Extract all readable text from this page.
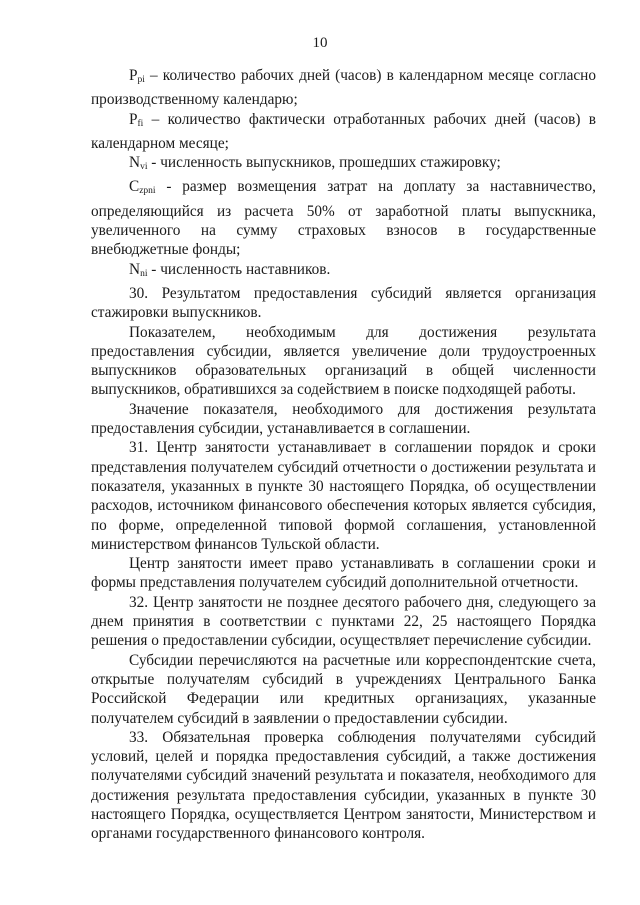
10

$P_{pi}$ – количество рабочих дней (часов) в календарном месяце согласно производственному календарю;

$P_{fi}$ – количество фактически отработанных рабочих дней (часов) в календарном месяце;

$N_{vi}$ - численность выпускников, прошедших стажировку;

$C_{zpni}$ - размер возмещения затрат на доплату за наставничество, определяющийся из расчета 50% от заработной платы выпускника, увеличенного на сумму страховых взносов в государственные внебюджетные фонды;

$N_{ni}$ - численность наставников.

30. Результатом предоставления субсидий является организация стажировки выпускников.

Показателем, необходимым для достижения результата предоставления субсидии, является увеличение доли трудоустроенных выпускников образовательных организаций в общей численности выпускников, обратившихся за содействием в поиске подходящей работы.

Значение показателя, необходимого для достижения результата предоставления субсидии, устанавливается в соглашении.

31. Центр занятости устанавливает в соглашении порядок и сроки представления получателем субсидий отчетности о достижении результата и показателя, указанных в пункте 30 настоящего Порядка, об осуществлении расходов, источником финансового обеспечения которых является субсидия, по форме, определенной типовой формой соглашения, установленной министерством финансов Тульской области.

Центр занятости имеет право устанавливать в соглашении сроки и формы представления получателем субсидий дополнительной отчетности.

32. Центр занятости не позднее десятого рабочего дня, следующего за днем принятия в соответствии с пунктами 22, 25 настоящего Порядка решения о предоставлении субсидии, осуществляет перечисление субсидии.

Субсидии перечисляются на расчетные или корреспондентские счета, открытые получателям субсидий в учреждениях Центрального Банка Российской Федерации или кредитных организациях, указанные получателем субсидий в заявлении о предоставлении субсидии.

33. Обязательная проверка соблюдения получателями субсидий условий, целей и порядка предоставления субсидий, а также достижения получателями субсидий значений результата и показателя, необходимого для достижения результата предоставления субсидии, указанных в пункте 30 настоящего Порядка, осуществляется Центром занятости, Министерством и органами государственного финансового контроля.
